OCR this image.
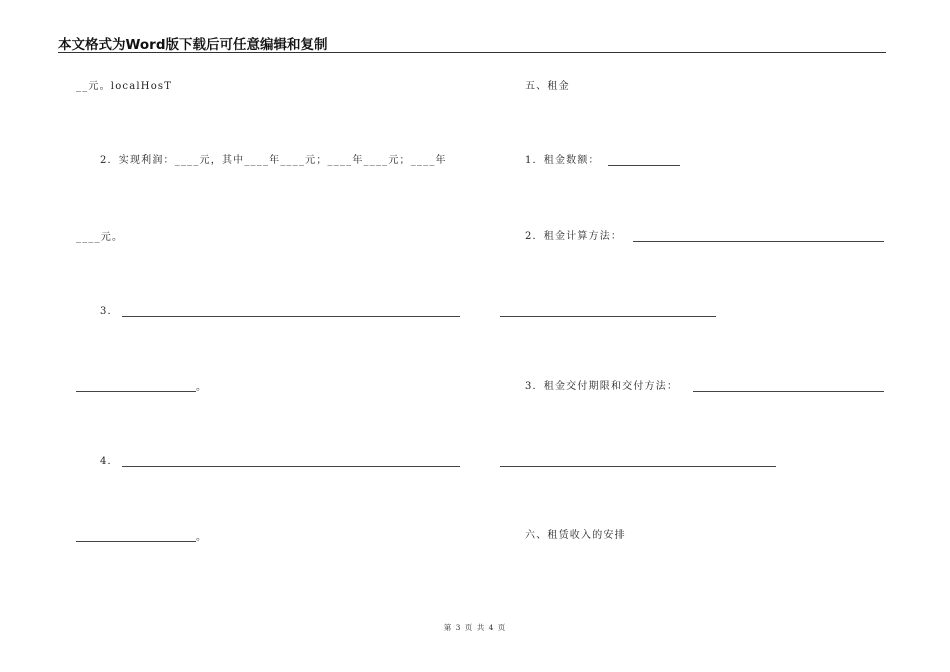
本文格式为Word版下载后可任意编辑和复制
__元。localHosT
2．实现利润：____元，其中____年____元；____年____元；____年
____元。
3．
。
4．
。
五、租金
1．租金数额：
2．租金计算方法：
3．租金交付期限和交付方法：
六、租赁收入的安排
第 3 页 共 4 页
